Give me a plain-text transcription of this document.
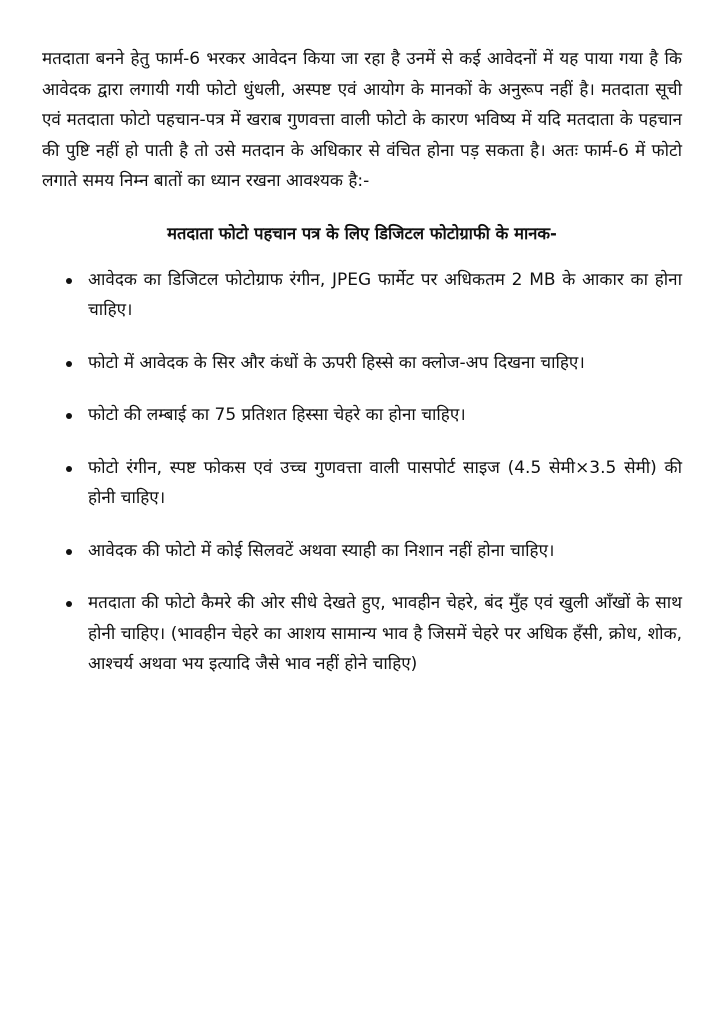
मतदाता बनने हेतु फार्म-6 भरकर आवेदन किया जा रहा है उनमें से कई आवेदनों में यह पाया गया है कि आवेदक द्वारा लगायी गयी फोटो धुंधली, अस्पष्ट एवं आयोग के मानकों के अनुरूप नहीं है। मतदाता सूची एवं मतदाता फोटो पहचान-पत्र में खराब गुणवत्ता वाली फोटो के कारण भविष्य में यदि मतदाता के पहचान की पुष्टि नहीं हो पाती है तो उसे मतदान के अधिकार से वंचित होना पड़ सकता है। अतः फार्म-6 में फोटो लगाते समय निम्न बातों का ध्यान रखना आवश्यक है:-

मतदाता फोटो पहचान पत्र के लिए डिजिटल फोटोग्राफी के मानक-
आवेदक का डिजिटल फोटोग्राफ रंगीन, JPEG फार्मेट पर अधिकतम 2 MB के आकार का होना चाहिए।
फोटो में आवेदक के सिर और कंधों के ऊपरी हिस्से का क्लोज-अप दिखना चाहिए।
फोटो की लम्बाई का 75 प्रतिशत हिस्सा चेहरे का होना चाहिए।
फोटो रंगीन, स्पष्ट फोकस एवं उच्च गुणवत्ता वाली पासपोर्ट साइज (4.5 सेमी×3.5 सेमी) की होनी चाहिए।
आवेदक की फोटो में कोई सिलवटें अथवा स्याही का निशान नहीं होना चाहिए।
मतदाता की फोटो कैमरे की ओर सीधे देखते हुए, भावहीन चेहरे, बंद मुँह एवं खुली आँखों के साथ होनी चाहिए। (भावहीन चेहरे का आशय सामान्य भाव है जिसमें चेहरे पर अधिक हँसी, क्रोध, शोक, आश्चर्य अथवा भय इत्यादि जैसे भाव नहीं होने चाहिए)
